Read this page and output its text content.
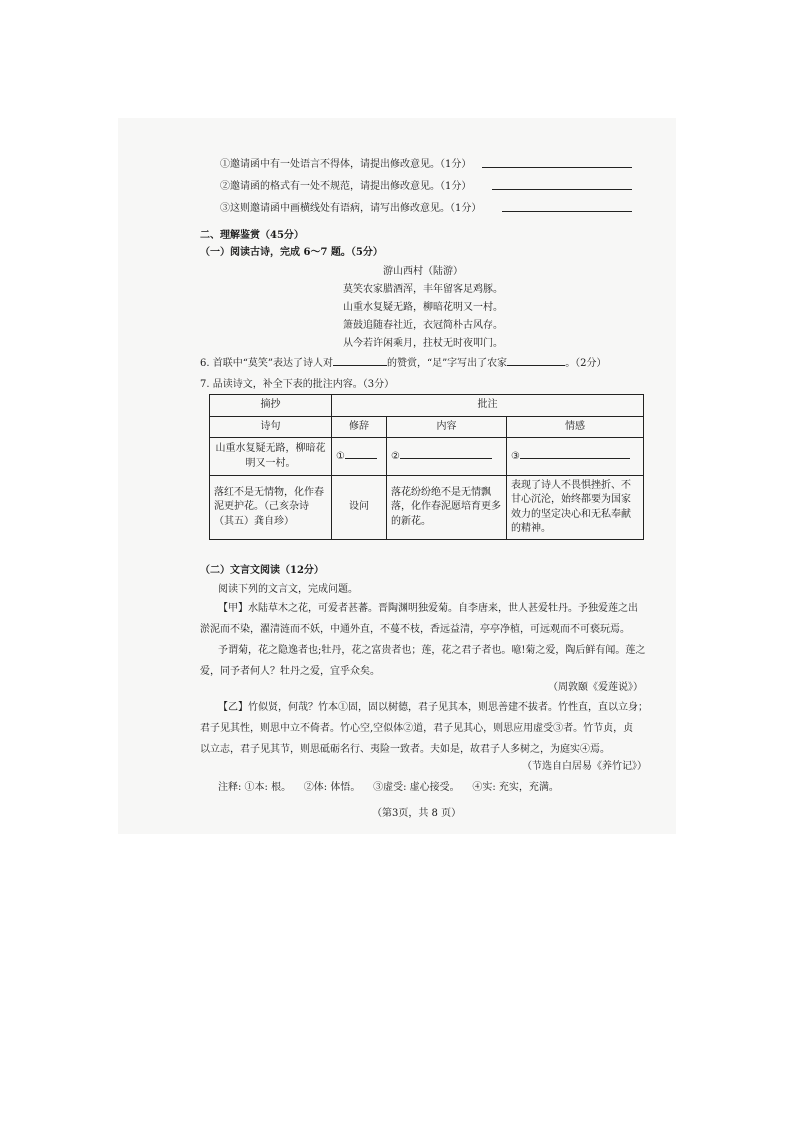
①邀请函中有一处语言不得体，请提出修改意见。（1分）
②邀请函的格式有一处不规范，请提出修改意见。（1分）
③这则邀请函中画横线处有语病，请写出修改意见。（1分）
二、理解鉴赏（45分）
（一）阅读古诗，完成 6～7 题。（5分）
游山西村（陆游）
莫笑农家腊酒浑，丰年留客足鸡豚。
山重水复疑无路，柳暗花明又一村。
箫鼓追随春社近，衣冠简朴古风存。
从今若许闲乘月，拄杖无时夜叩门。
6. 首联中“莫笑”表达了诗人对	的赞赏，“足”字写出了农家	。（2分）
7. 品读诗文，补全下表的批注内容。（3分）
摘抄	批注		
诗句	修辞	内容	情感
山重水复疑无路，柳暗花明又一村。	①	②	③
落红不是无情物，化作春泥更护花。（己亥杂诗（其五）龚自珍）	设问	落花纷纷绝不是无情飘落，化作春泥愿培育更多的新花。	表现了诗人不畏惧挫折、不甘心沉沦，始终都要为国家效力的坚定决心和无私奉献的精神。
（二）文言文阅读（12分）
阅读下列的文言文，完成问题。
【甲】水陆草木之花，可爱者甚蕃。晋陶渊明独爱菊。自李唐来，世人甚爱牡丹。予独爱莲之出
淤泥而不染，濯清涟而不妖，中通外直，不蔓不枝，香远益清，亭亭净植，可远观而不可亵玩焉。
予谓菊，花之隐逸者也;牡丹，花之富贵者也；莲，花之君子者也。噫!菊之爱，陶后鲜有闻。莲之
爱，同予者何人？牡丹之爱，宜乎众矣。
（周敦颐《爱莲说》）
【乙】竹似贤，何哉？竹本①固，固以树德，君子见其本，则思善建不拔者。竹性直，直以立身；
君子见其性，则思中立不倚者。竹心空,空似体②道，君子见其心，则思应用虚受③者。竹节贞，贞
以立志，君子见其节，则思砥砺名行、夷险一致者。夫如是，故君子人多树之，为庭实④焉。
（节选自白居易《养竹记》）
注释: ①本: 根。    ②体: 体悟。    ③虚受: 虚心接受。    ④实: 充实，充满。
（第3页，共 8 页）
